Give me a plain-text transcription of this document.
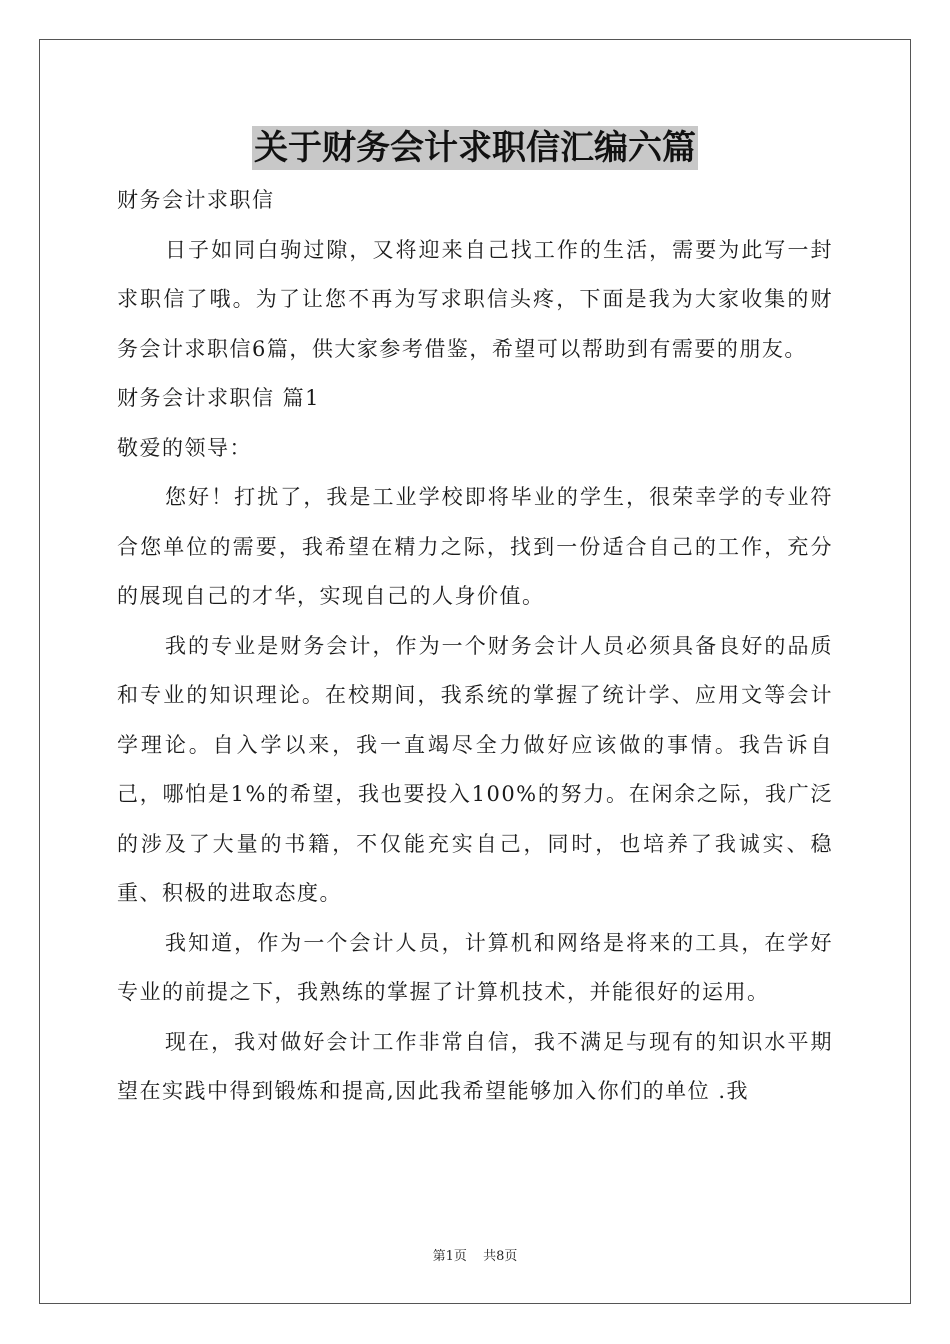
关于财务会计求职信汇编六篇

财务会计求职信

日子如同白驹过隙，又将迎来自己找工作的生活，需要为此写一封求职信了哦。为了让您不再为写求职信头疼，下面是我为大家收集的财务会计求职信6篇，供大家参考借鉴，希望可以帮助到有需要的朋友。

财务会计求职信 篇1

敬爱的领导：

您好！打扰了，我是工业学校即将毕业的学生，很荣幸学的专业符合您单位的需要，我希望在精力之际，找到一份适合自己的工作，充分的展现自己的才华，实现自己的人身价值。

我的专业是财务会计，作为一个财务会计人员必须具备良好的品质和专业的知识理论。在校期间，我系统的掌握了统计学、应用文等会计学理论。自入学以来，我一直竭尽全力做好应该做的事情。我告诉自己，哪怕是1%的希望，我也要投入100%的努力。在闲余之际，我广泛的涉及了大量的书籍，不仅能充实自己，同时，也培养了我诚实、稳重、积极的进取态度。

我知道，作为一个会计人员，计算机和网络是将来的工具，在学好专业的前提之下，我熟练的掌握了计算机技术，并能很好的运用。

现在，我对做好会计工作非常自信，我不满足与现有的知识水平期望在实践中得到锻炼和提高,因此我希望能够加入你们的单位 .我

第1页 共8页
